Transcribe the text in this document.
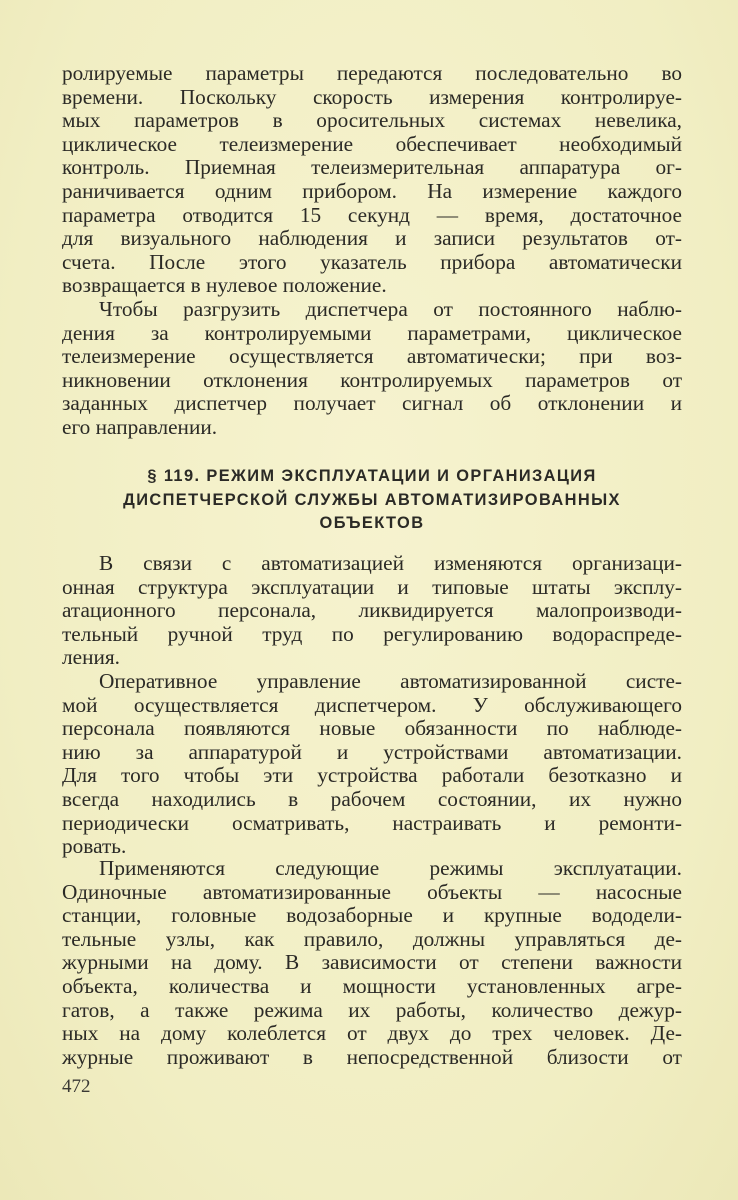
ролируемые параметры передаются последовательно во
времени. Поскольку скорость измерения контролируе-
мых параметров в оросительных системах невелика,
циклическое телеизмерение обеспечивает необходимый
контроль. Приемная телеизмерительная аппаратура ог-
раничивается одним прибором. На измерение каждого
параметра отводится 15 секунд — время, достаточное
для визуального наблюдения и записи результатов от-
счета. После этого указатель прибора автоматически
возвращается в нулевое положение.
Чтобы разгрузить диспетчера от постоянного наблю-
дения за контролируемыми параметрами, циклическое
телеизмерение осуществляется автоматически; при воз-
никновении отклонения контролируемых параметров от
заданных диспетчер получает сигнал об отклонении и
его направлении.
§ 119. РЕЖИМ ЭКСПЛУАТАЦИИ И ОРГАНИЗАЦИЯ
ДИСПЕТЧЕРСКОЙ СЛУЖБЫ АВТОМАТИЗИРОВАННЫХ
ОБЪЕКТОВ
В связи с автоматизацией изменяются организаци-
онная структура эксплуатации и типовые штаты эксплу-
атационного персонала, ликвидируется малопроизводи-
тельный ручной труд по регулированию водораспреде-
ления.
Оперативное управление автоматизированной систе-
мой осуществляется диспетчером. У обслуживающего
персонала появляются новые обязанности по наблюде-
нию за аппаратурой и устройствами автоматизации.
Для того чтобы эти устройства работали безотказно и
всегда находились в рабочем состоянии, их нужно
периодически осматривать, настраивать и ремонти-
ровать.
Применяются следующие режимы эксплуатации.
Одиночные автоматизированные объекты — насосные
станции, головные водозаборные и крупные вододели-
тельные узлы, как правило, должны управляться де-
журными на дому. В зависимости от степени важности
объекта, количества и мощности установленных агре-
гатов, а также режима их работы, количество дежур-
ных на дому колеблется от двух до трех человек. Де-
журные проживают в непосредственной близости от
472
